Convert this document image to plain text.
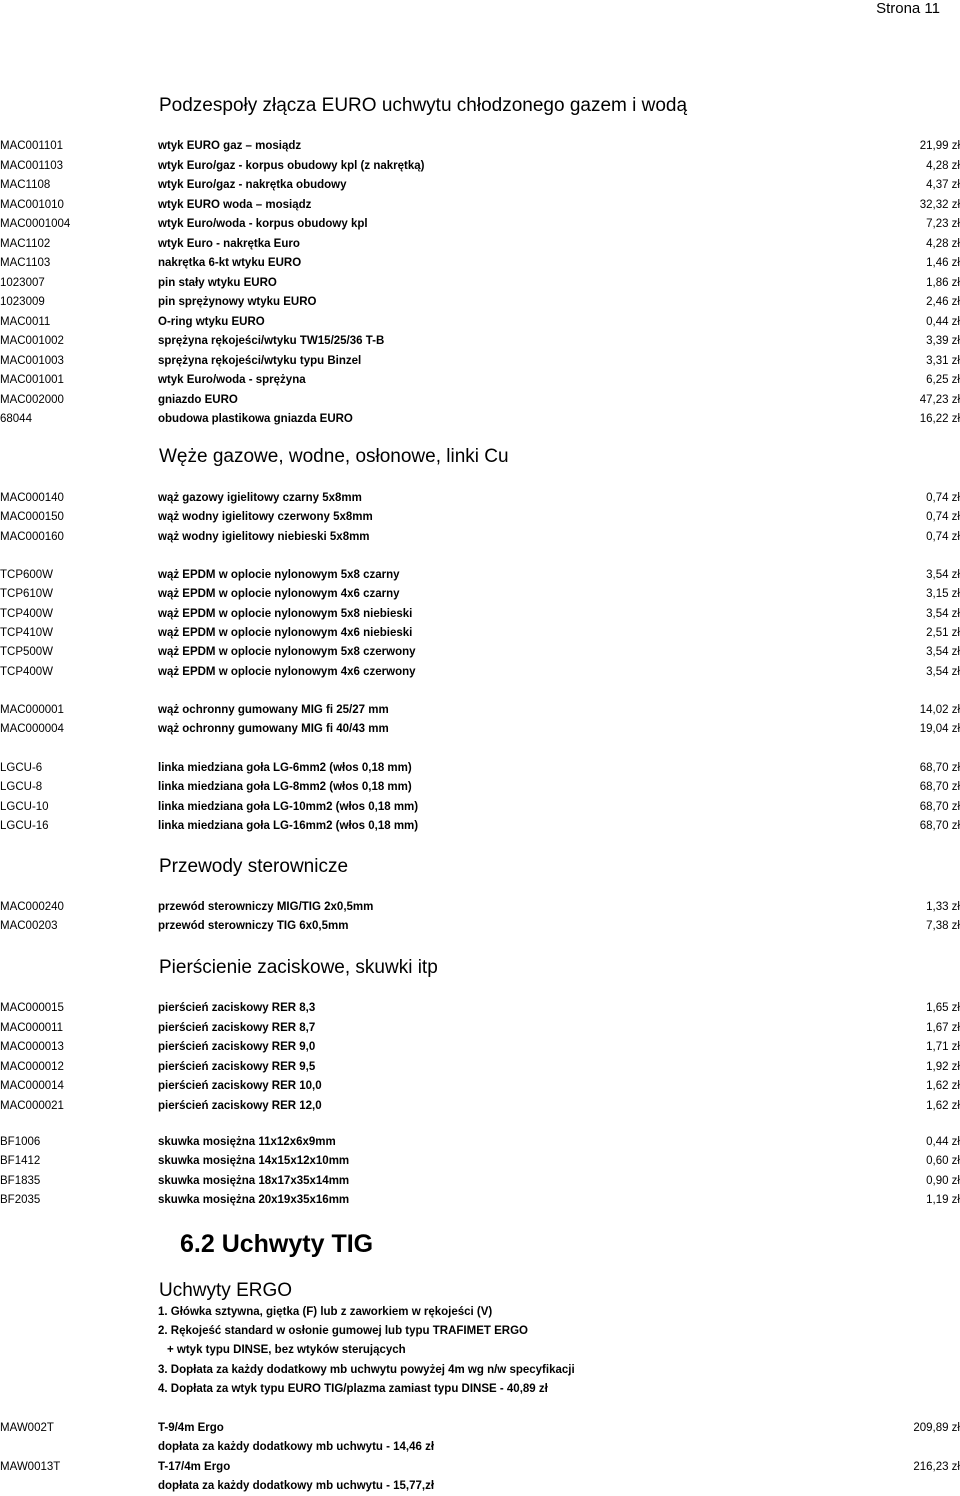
Strona 11
Podzespoły złącza EURO uchwytu chłodzonego gazem i wodą
MAC001101	wtyk EURO gaz – mosiądz	21,99 zł
MAC001103	wtyk Euro/gaz - korpus obudowy kpl (z nakrętką)	4,28 zł
MAC1108	wtyk Euro/gaz - nakrętka obudowy	4,37 zł
MAC001010	wtyk EURO woda – mosiądz	32,32 zł
MAC0001004	wtyk Euro/woda - korpus obudowy kpl	7,23 zł
MAC1102	wtyk Euro - nakrętka Euro	4,28 zł
MAC1103	nakrętka 6-kt wtyku EURO	1,46 zł
1023007	pin stały wtyku EURO	1,86 zł
1023009	pin sprężynowy wtyku EURO	2,46 zł
MAC0011	O-ring wtyku EURO	0,44 zł
MAC001002	sprężyna rękojeści/wtyku TW15/25/36 T-B	3,39 zł
MAC001003	sprężyna rękojeści/wtyku typu Binzel	3,31 zł
MAC001001	wtyk Euro/woda - sprężyna	6,25 zł
MAC002000	gniazdo EURO	47,23 zł
68044	obudowa plastikowa gniazda EURO	16,22 zł
Węże gazowe, wodne, osłonowe, linki Cu
MAC000140	wąż gazowy igielitowy czarny 5x8mm	0,74 zł
MAC000150	wąż wodny igielitowy czerwony 5x8mm	0,74 zł
MAC000160	wąż wodny igielitowy niebieski 5x8mm	0,74 zł
TCP600W	wąż EPDM w oplocie nylonowym 5x8 czarny	3,54 zł
TCP610W	wąż EPDM w oplocie nylonowym 4x6 czarny	3,15 zł
TCP400W	wąż EPDM w oplocie nylonowym 5x8 niebieski	3,54 zł
TCP410W	wąż EPDM w oplocie nylonowym 4x6 niebieski	2,51 zł
TCP500W	wąż EPDM w oplocie nylonowym 5x8 czerwony	3,54 zł
TCP400W	wąż EPDM w oplocie nylonowym 4x6 czerwony	3,54 zł
MAC000001	wąż ochronny gumowany MIG fi 25/27 mm	14,02 zł
MAC000004	wąż ochronny gumowany MIG fi 40/43 mm	19,04 zł
LGCU-6	linka miedziana goła LG-6mm2 (włos 0,18 mm)	68,70 zł
LGCU-8	linka miedziana goła LG-8mm2 (włos 0,18 mm)	68,70 zł
LGCU-10	linka miedziana goła LG-10mm2 (włos 0,18 mm)	68,70 zł
LGCU-16	linka miedziana goła LG-16mm2 (włos 0,18 mm)	68,70 zł
Przewody sterownicze
MAC000240	przewód sterowniczy MIG/TIG 2x0,5mm	1,33 zł
MAC00203	przewód sterowniczy TIG 6x0,5mm	7,38 zł
Pierścienie zaciskowe, skuwki itp
MAC000015	pierścień zaciskowy RER 8,3	1,65 zł
MAC000011	pierścień zaciskowy RER 8,7	1,67 zł
MAC000013	pierścień zaciskowy RER 9,0	1,71 zł
MAC000012	pierścień zaciskowy RER 9,5	1,92 zł
MAC000014	pierścień zaciskowy RER 10,0	1,62 zł
MAC000021	pierścień zaciskowy RER 12,0	1,62 zł
BF1006	skuwka mosiężna 11x12x6x9mm	0,44 zł
BF1412	skuwka mosiężna 14x15x12x10mm	0,60 zł
BF1835	skuwka mosiężna 18x17x35x14mm	0,90 zł
BF2035	skuwka mosiężna 20x19x35x16mm	1,19 zł
6.2 Uchwyty TIG
Uchwyty ERGO
1. Główka sztywna, giętka (F) lub z zaworkiem w rękojeści (V)
2. Rękojeść standard w osłonie gumowej lub typu TRAFIMET ERGO
+ wtyk typu DINSE, bez wtyków sterujących
3. Dopłata za każdy dodatkowy mb uchwytu powyżej 4m wg n/w specyfikacji
4. Dopłata za wtyk typu EURO TIG/plazma zamiast typu DINSE - 40,89 zł
MAW002T	T-9/4m Ergo	209,89 zł
dopłata za każdy dodatkowy mb uchwytu - 14,46 zł
MAW0013T	T-17/4m Ergo	216,23 zł
dopłata za każdy dodatkowy mb uchwytu - 15,77,zł
